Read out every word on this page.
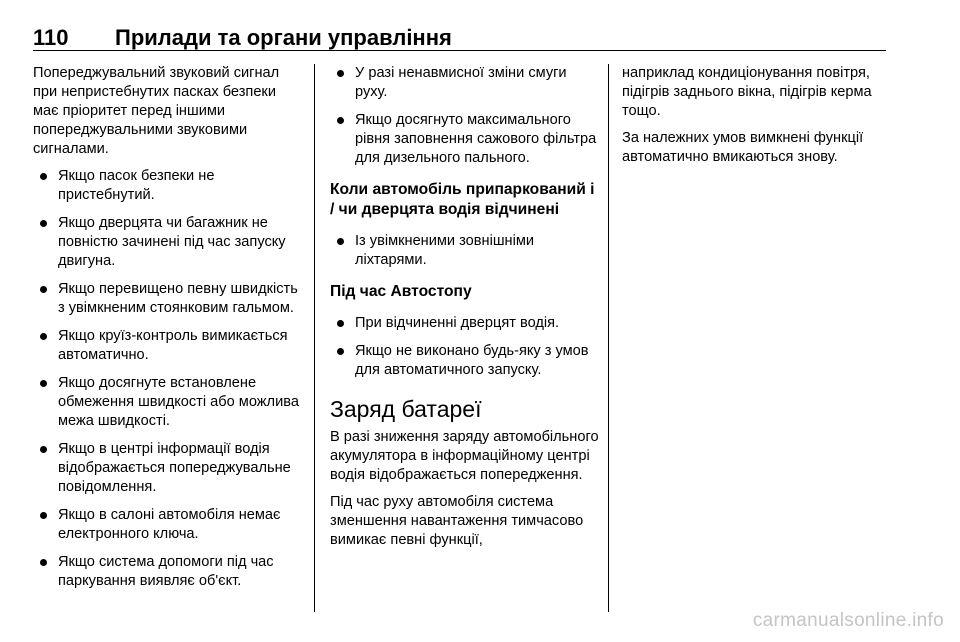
110 Прилади та органи управління

Попереджувальний звуковий сигнал при непристебнутих пасках безпеки має пріоритет перед іншими попереджувальними звуковими сигналами.

Якщо пасок безпеки не пристебнутий.
Якщо дверцята чи багажник не повністю зачинені під час запуску двигуна.
Якщо перевищено певну швидкість з увімкненим стоянковим гальмом.
Якщо круїз-контроль вимикається автоматично.
Якщо досягнуте встановлене обмеження швидкості або можлива межа швидкості.
Якщо в центрі інформації водія відображається попереджувальне повідомлення.
Якщо в салоні автомобіля немає електронного ключа.
Якщо система допомоги під час паркування виявляє об'єкт.
У разі ненавмисної зміни смуги руху.
Якщо досягнуто максимального рівня заповнення сажового фільтра для дизельного пального.
Коли автомобіль припаркований і / чи дверцята водія відчинені
Із увімкненими зовнішніми ліхтарями.
Під час Автостопу
При відчиненні дверцят водія.
Якщо не виконано будь-яку з умов для автоматичного запуску.
Заряд батареї

В разі зниження заряду автомобільного акумулятора в інформаційному центрі водія відображається попередження.

Під час руху автомобіля система зменшення навантаження тимчасово вимикає певні функції,

наприклад кондиціонування повітря, підігрів заднього вікна, підігрів керма тощо.

За належних умов вимкнені функції автоматично вмикаються знову.

carmanualsonline.info
